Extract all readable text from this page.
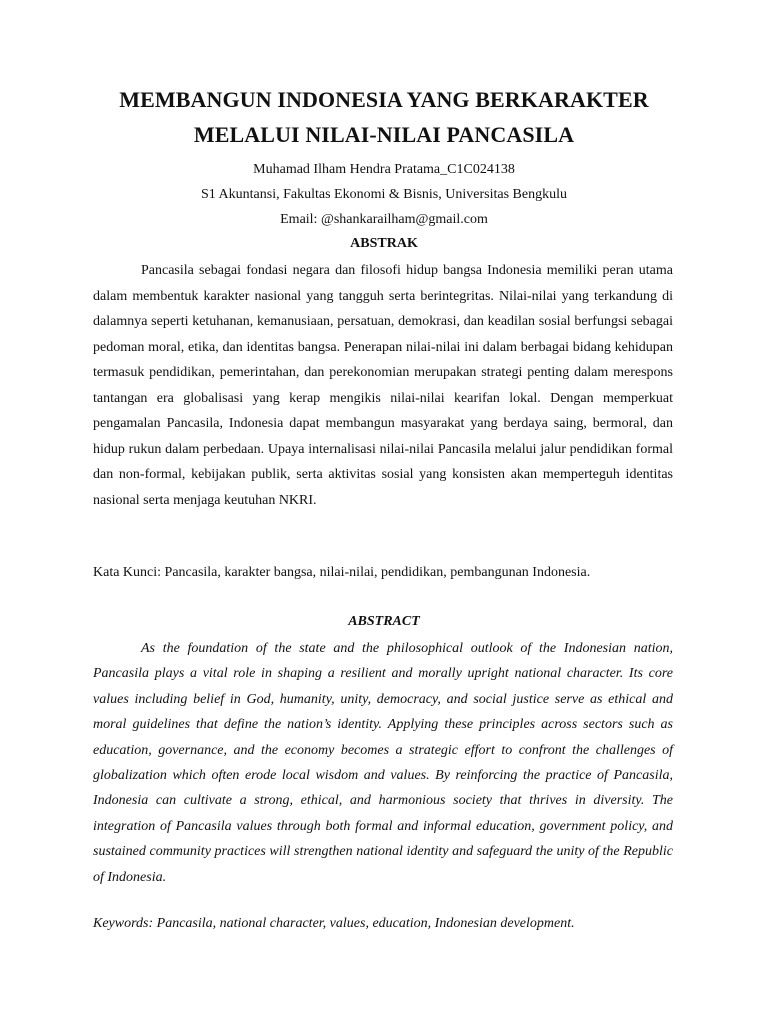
MEMBANGUN INDONESIA YANG BERKARAKTER
MELALUI NILAI-NILAI PANCASILA

Muhamad Ilham Hendra Pratama_C1C024138

S1 Akuntansi, Fakultas Ekonomi & Bisnis, Universitas Bengkulu

Email: @shankarailham@gmail.com

ABSTRAK

Pancasila sebagai fondasi negara dan filosofi hidup bangsa Indonesia memiliki peran utama dalam membentuk karakter nasional yang tangguh serta berintegritas. Nilai-nilai yang terkandung di dalamnya seperti ketuhanan, kemanusiaan, persatuan, demokrasi, dan keadilan sosial berfungsi sebagai pedoman moral, etika, dan identitas bangsa. Penerapan nilai-nilai ini dalam berbagai bidang kehidupan termasuk pendidikan, pemerintahan, dan perekonomian merupakan strategi penting dalam merespons tantangan era globalisasi yang kerap mengikis nilai-nilai kearifan lokal. Dengan memperkuat pengamalan Pancasila, Indonesia dapat membangun masyarakat yang berdaya saing, bermoral, dan hidup rukun dalam perbedaan. Upaya internalisasi nilai-nilai Pancasila melalui jalur pendidikan formal dan non-formal, kebijakan publik, serta aktivitas sosial yang konsisten akan memperteguh identitas nasional serta menjaga keutuhan NKRI.

Kata Kunci: Pancasila, karakter bangsa, nilai-nilai, pendidikan, pembangunan Indonesia.

ABSTRACT

As the foundation of the state and the philosophical outlook of the Indonesian nation, Pancasila plays a vital role in shaping a resilient and morally upright national character. Its core values including belief in God, humanity, unity, democracy, and social justice serve as ethical and moral guidelines that define the nation’s identity. Applying these principles across sectors such as education, governance, and the economy becomes a strategic effort to confront the challenges of globalization which often erode local wisdom and values. By reinforcing the practice of Pancasila, Indonesia can cultivate a strong, ethical, and harmonious society that thrives in diversity. The integration of Pancasila values through both formal and informal education, government policy, and sustained community practices will strengthen national identity and safeguard the unity of the Republic of Indonesia.

Keywords: Pancasila, national character, values, education, Indonesian development.
